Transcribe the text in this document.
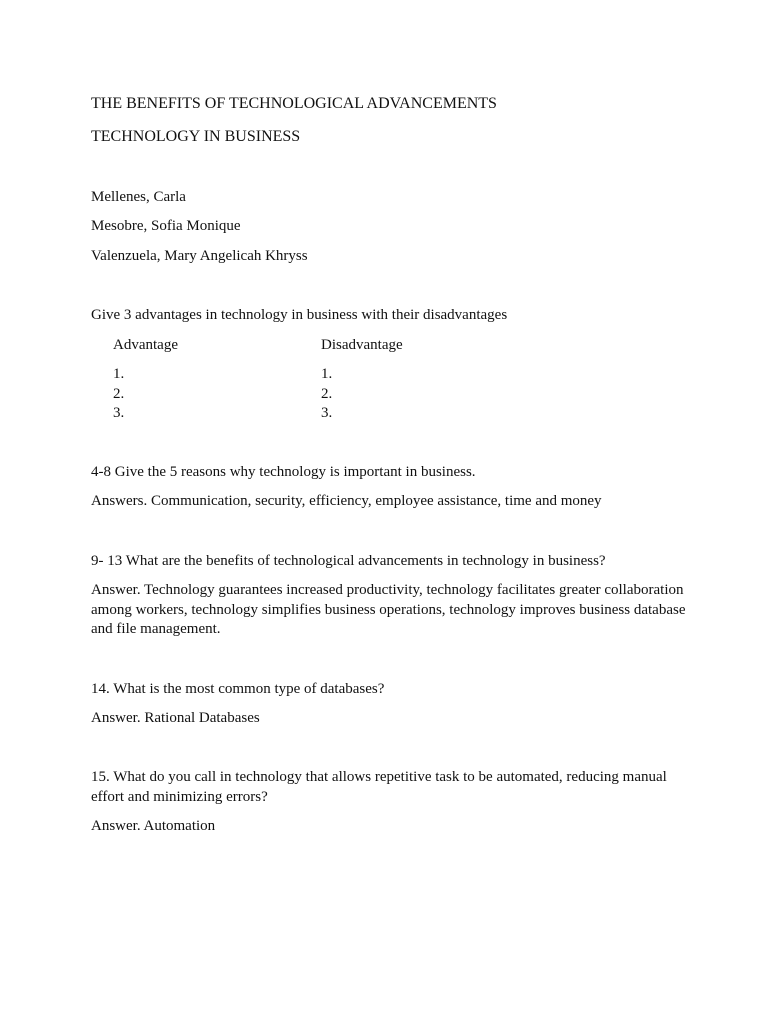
THE BENEFITS OF TECHNOLOGICAL ADVANCEMENTS
TECHNOLOGY IN BUSINESS
Mellenes, Carla
Mesobre, Sofia Monique
Valenzuela, Mary Angelicah Khryss
Give 3 advantages in technology in business with their disadvantages
Advantage	Disadvantage
1.
2.
3.
1.
2.
3.
4-8 Give the 5 reasons why technology is important in business.
Answers. Communication, security, efficiency, employee assistance, time and money
9- 13 What are the benefits of technological advancements in technology in business?
Answer. Technology guarantees increased productivity, technology facilitates greater collaboration among workers, technology simplifies business operations, technology improves business database and file management.
14. What is the most common type of databases?
Answer. Rational Databases
15. What do you call in technology that allows repetitive task to be automated, reducing manual effort and minimizing errors?
Answer. Automation
